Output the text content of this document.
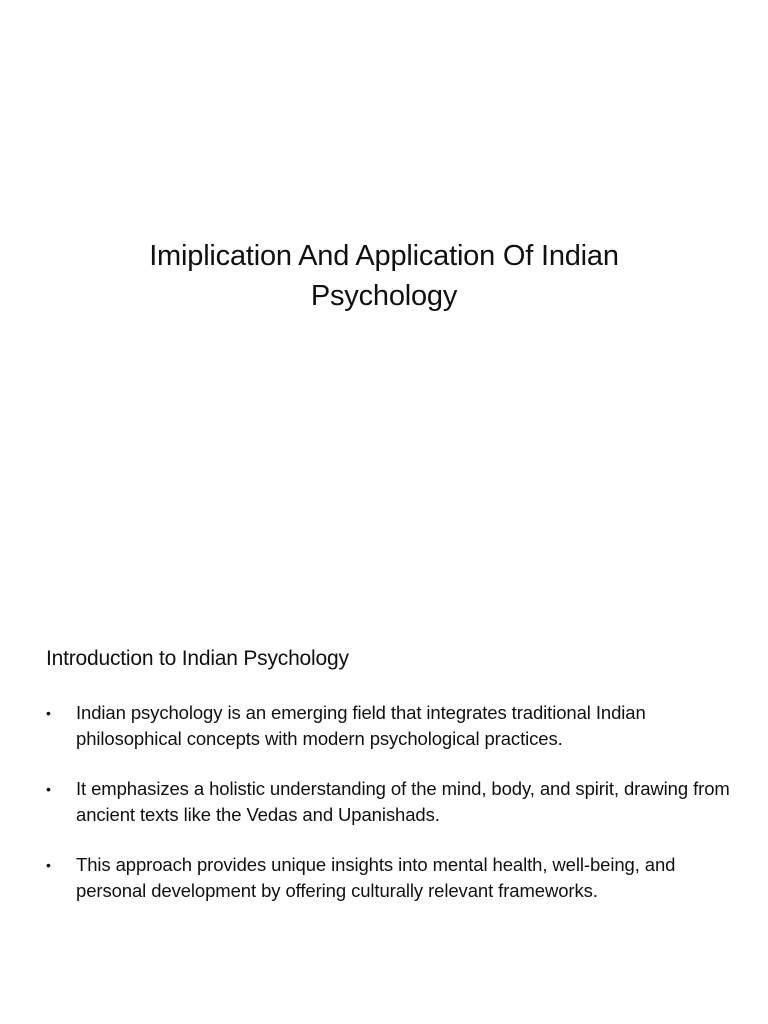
Imiplication And Application Of Indian
Psychology
Introduction to Indian Psychology
• Indian psychology is an emerging field that integrates traditional Indian philosophical concepts with modern psychological practices.
• It emphasizes a holistic understanding of the mind, body, and spirit, drawing from ancient texts like the Vedas and Upanishads.
• This approach provides unique insights into mental health, well-being, and personal development by offering culturally relevant frameworks.
